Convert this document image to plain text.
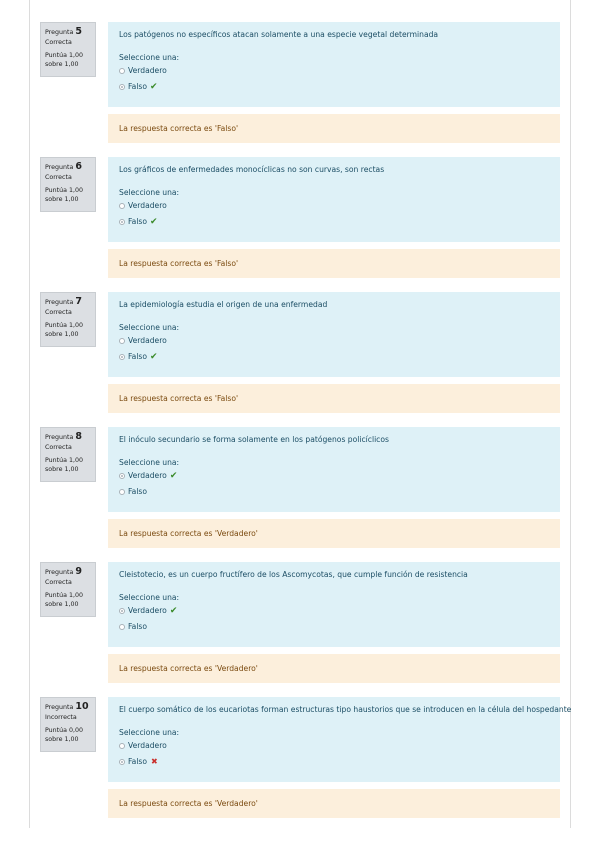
Pregunta 5
Correcta
Puntúa 1,00
sobre 1,00
Los patógenos no específicos atacan solamente a una especie vegetal determinada
Seleccione una:
Verdadero
Falso ✔
La respuesta correcta es 'Falso'
Pregunta 6
Correcta
Puntúa 1,00
sobre 1,00
Los gráficos de enfermedades monocíclicas no son curvas, son rectas
Seleccione una:
Verdadero
Falso ✔
La respuesta correcta es 'Falso'
Pregunta 7
Correcta
Puntúa 1,00
sobre 1,00
La epidemiología estudia el origen de una enfermedad
Seleccione una:
Verdadero
Falso ✔
La respuesta correcta es 'Falso'
Pregunta 8
Correcta
Puntúa 1,00
sobre 1,00
El inóculo secundario se forma solamente en los patógenos policíclicos
Seleccione una:
Verdadero ✔
Falso
La respuesta correcta es 'Verdadero'
Pregunta 9
Correcta
Puntúa 1,00
sobre 1,00
Cleistotecio, es un cuerpo fructífero de los Ascomycotas, que cumple función de resistencia
Seleccione una:
Verdadero ✔
Falso
La respuesta correcta es 'Verdadero'
Pregunta 10
Incorrecta
Puntúa 0,00
sobre 1,00
El cuerpo somático de los eucariotas forman estructuras tipo haustorios que se introducen en la célula del hospedante
Seleccione una:
Verdadero
Falso ✖
La respuesta correcta es 'Verdadero'
